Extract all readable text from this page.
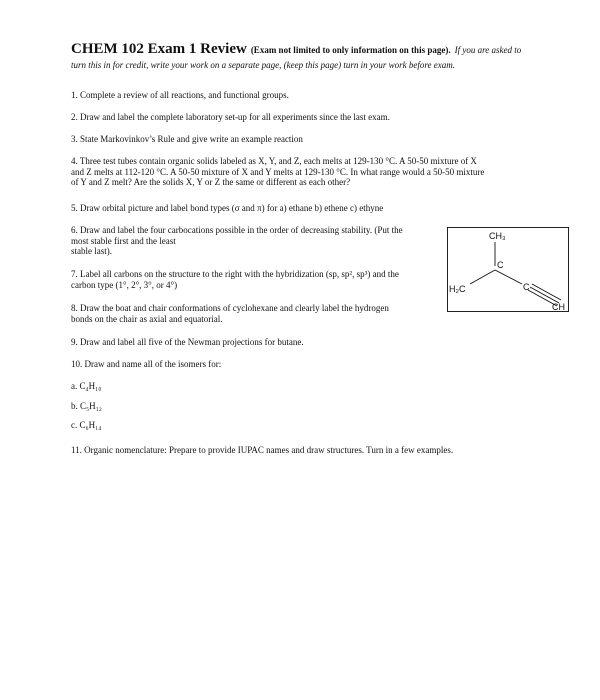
CHEM 102 Exam 1 Review (Exam not limited to only information on this page). If you are asked to
turn this in for credit, write your work on a separate page, (keep this page) turn in your work before exam.
1. Complete a review of all reactions, and functional groups.
2. Draw and label the complete laboratory set-up for all experiments since the last exam.
3. State Markovinkov’s Rule and give write an example reaction
4. Three test tubes contain organic solids labeled as X, Y, and Z, each melts at 129-130 °C. A 50-50 mixture of X
and Z melts at 112-120 °C. A 50-50 mixture of X and Y melts at 129-130 °C. In what range would a 50-50 mixture
of Y and Z melt? Are the solids X, Y or Z the same or different as each other?
5. Draw orbital picture and label bond types (σ and π) for a) ethane b) ethene c) ethyne
6. Draw and label the four carbocations possible in the order of decreasing stability. (Put the
most stable first and the least
stable last).
7. Label all carbons on the structure to the right with the hybridization (sp, sp², sp³) and the
carbon type (1°, 2°, 3°, or 4°)
8. Draw the boat and chair conformations of cyclohexane and clearly label the hydrogen
bonds on the chair as axial and equatorial.
9. Draw and label all five of the Newman projections for butane.
10. Draw and name all of the isomers for:
a. C₄H₁₀
b. C₅H₁₂
c. C₆H₁₄
11. Organic nomenclature: Prepare to provide IUPAC names and draw structures. Turn in a few examples.
CH₃
C
H₂C	C
CH
